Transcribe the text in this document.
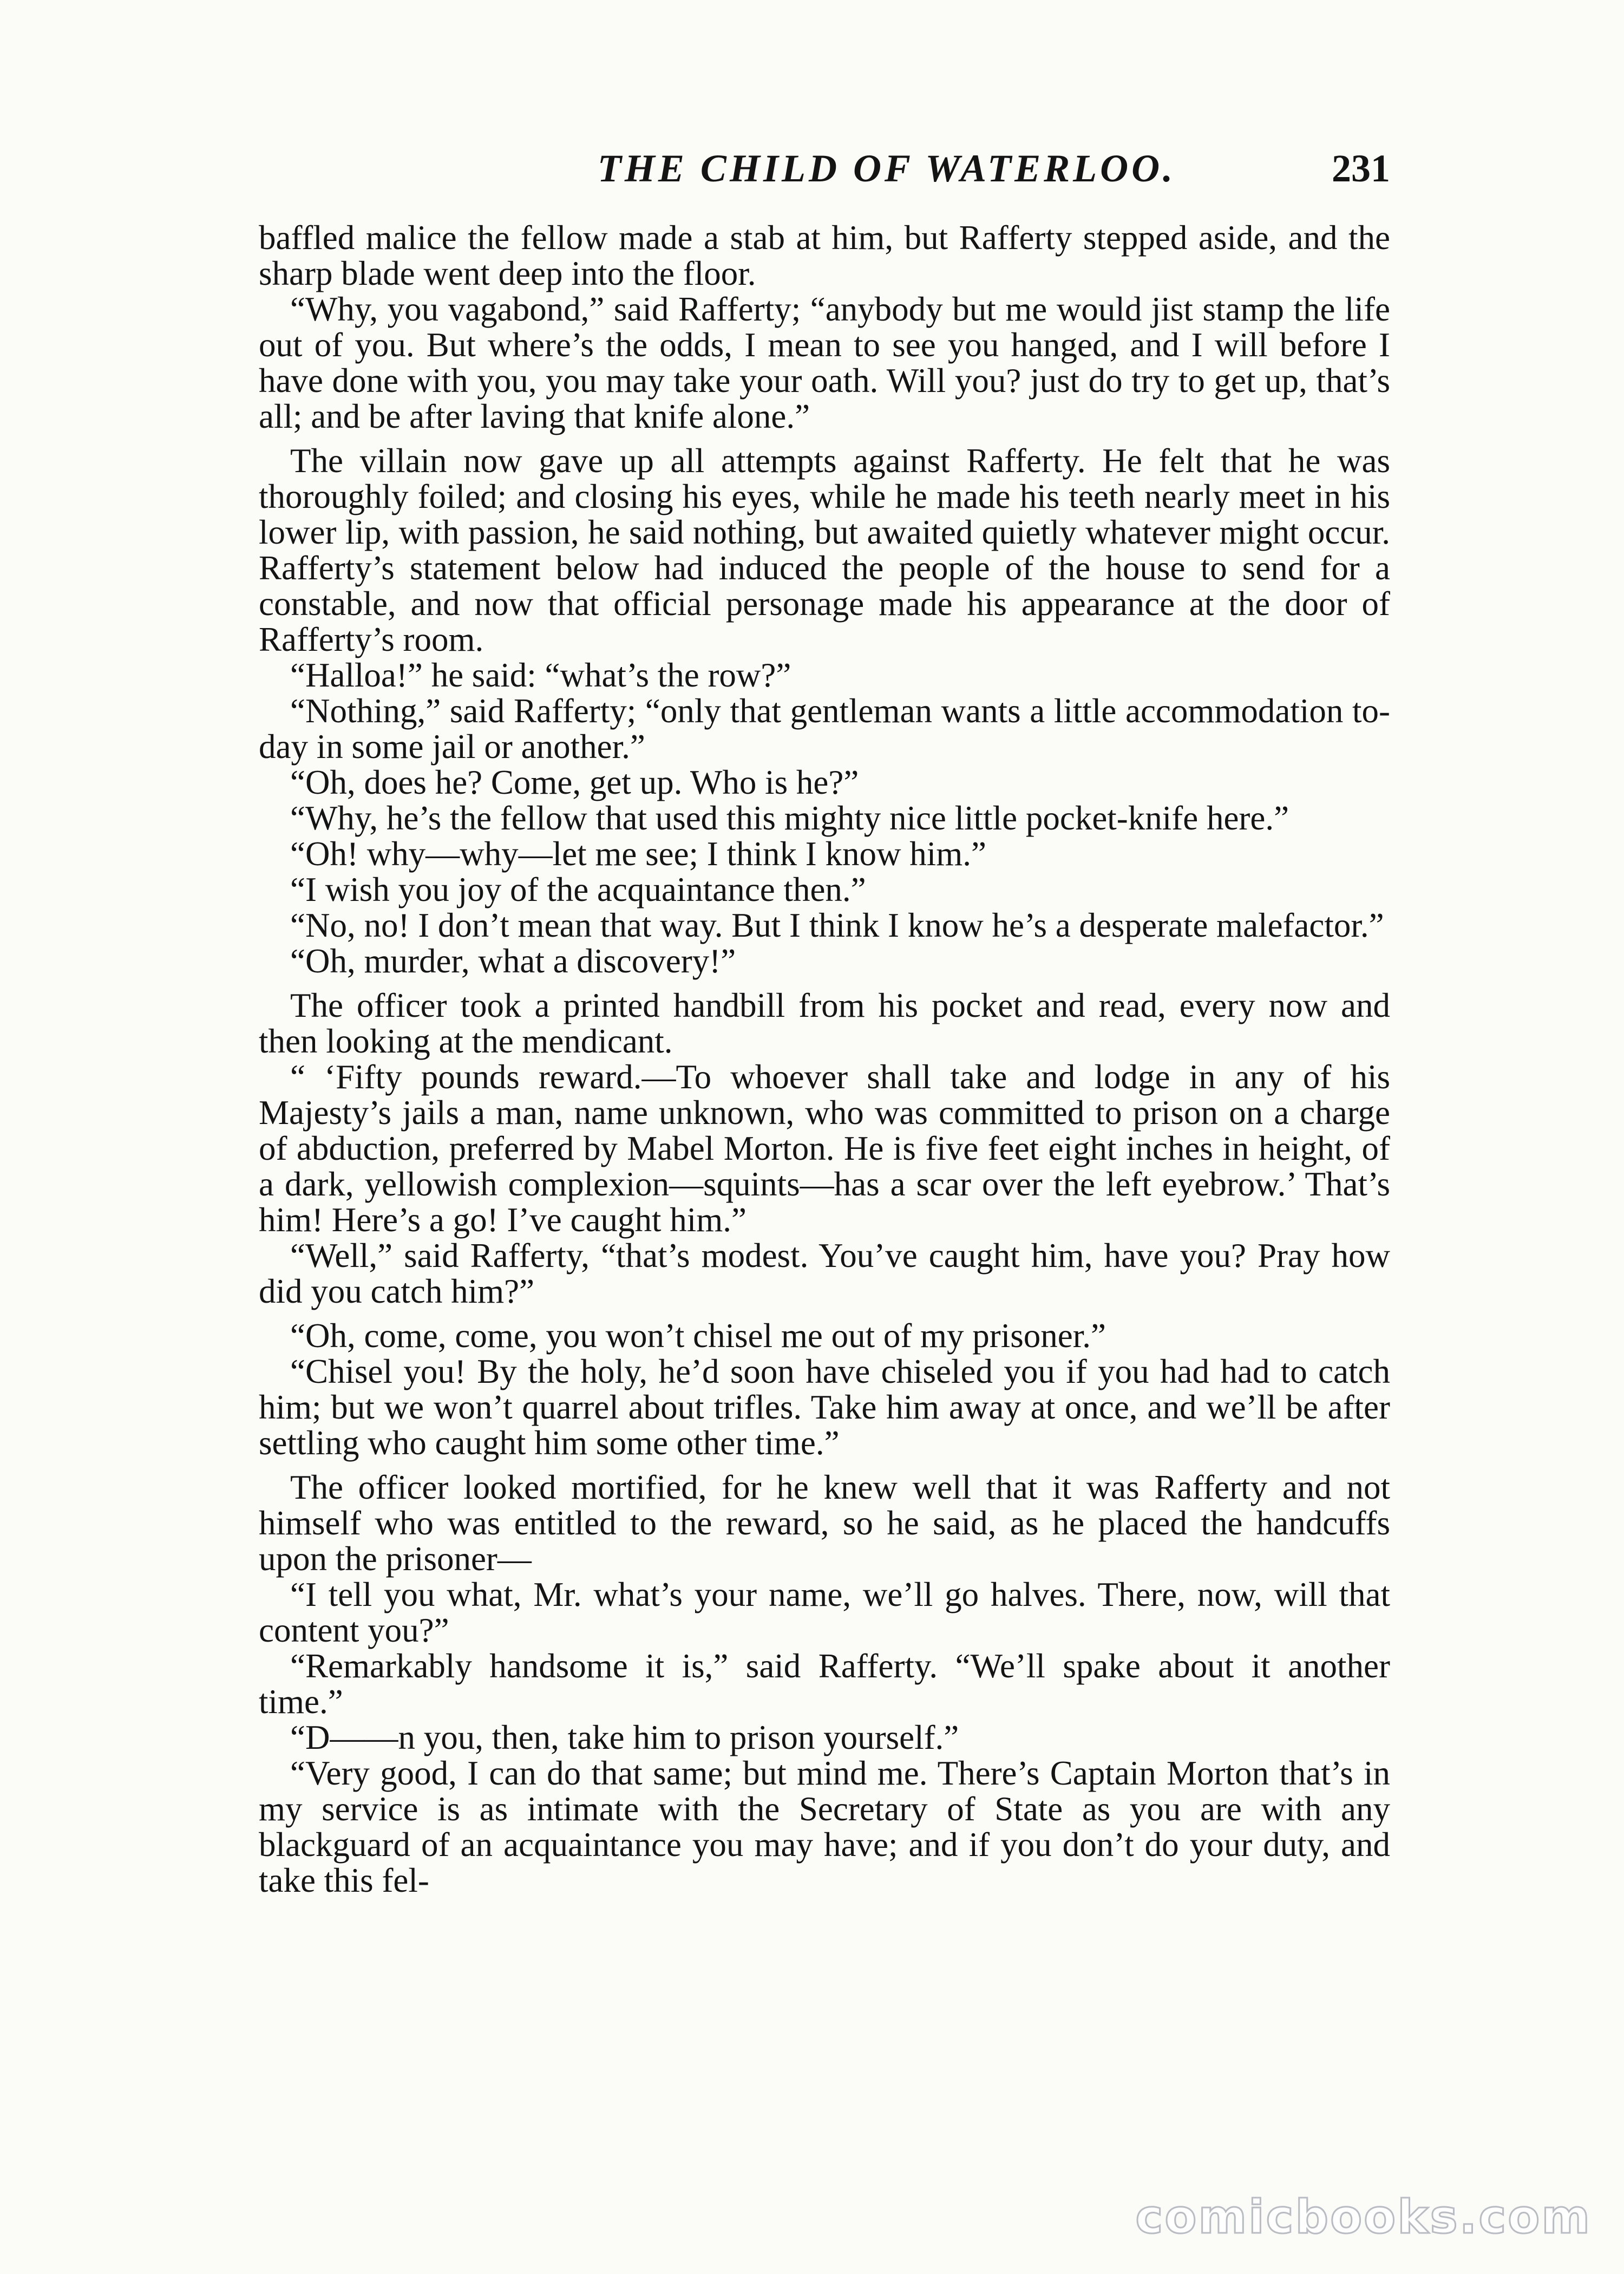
THE CHILD OF WATERLOO.	231

baffled malice the fellow made a stab at him, but Rafferty stepped aside, and the sharp blade went deep into the floor.

“Why, you vagabond,” said Rafferty; “anybody but me would jist stamp the life out of you. But where’s the odds, I mean to see you hanged, and I will before I have done with you, you may take your oath. Will you? just do try to get up, that’s all; and be after laving that knife alone.”

The villain now gave up all attempts against Rafferty. He felt that he was thoroughly foiled; and closing his eyes, while he made his teeth nearly meet in his lower lip, with passion, he said nothing, but awaited quietly whatever might occur. Rafferty’s statement below had induced the people of the house to send for a constable, and now that official personage made his appearance at the door of Rafferty’s room.

“Halloa!” he said: “what’s the row?”

“Nothing,” said Rafferty; “only that gentleman wants a little accommodation to-day in some jail or another.”

“Oh, does he? Come, get up. Who is he?”

“Why, he’s the fellow that used this mighty nice little pocket-knife here.”

“Oh! why—why—let me see; I think I know him.”

“I wish you joy of the acquaintance then.”

“No, no! I don’t mean that way. But I think I know he’s a desperate malefactor.”

“Oh, murder, what a discovery!”

The officer took a printed handbill from his pocket and read, every now and then looking at the mendicant.

“ ‘Fifty pounds reward.—To whoever shall take and lodge in any of his Majesty’s jails a man, name unknown, who was committed to prison on a charge of abduction, preferred by Mabel Morton. He is five feet eight inches in height, of a dark, yellowish complexion—squints—has a scar over the left eyebrow.’ That’s him! Here’s a go! I’ve caught him.”

“Well,” said Rafferty, “that’s modest. You’ve caught him, have you? Pray how did you catch him?”

“Oh, come, come, you won’t chisel me out of my prisoner.”

“Chisel you! By the holy, he’d soon have chiseled you if you had had to catch him; but we won’t quarrel about trifles. Take him away at once, and we’ll be after settling who caught him some other time.”

The officer looked mortified, for he knew well that it was Rafferty and not himself who was entitled to the reward, so he said, as he placed the handcuffs upon the prisoner—

“I tell you what, Mr. what’s your name, we’ll go halves. There, now, will that content you?”

“Remarkably handsome it is,” said Rafferty. “We’ll spake about it another time.”

“D——n you, then, take him to prison yourself.”

“Very good, I can do that same; but mind me. There’s Captain Morton that’s in my service is as intimate with the Secretary of State as you are with any blackguard of an acquaintance you may have; and if you don’t do your duty, and take this fel-

comicbooks.com
